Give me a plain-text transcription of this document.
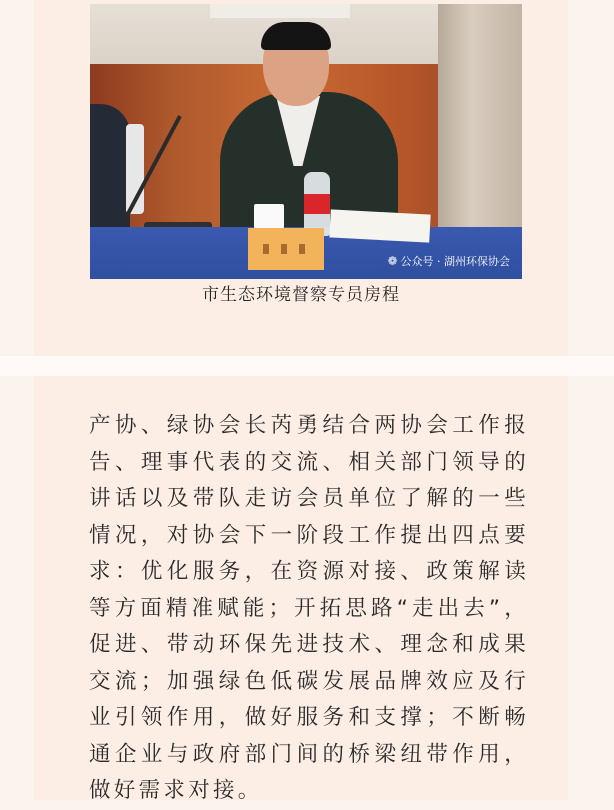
❁ 公众号 · 湖州环保协会
市生态环境督察专员房程

产协、绿协会长芮勇结合两协会工作报告、理事代表的交流、相关部门领导的讲话以及带队走访会员单位了解的一些情况，对协会下一阶段工作提出四点要求：优化服务，在资源对接、政策解读等方面精准赋能；开拓思路“走出去”，促进、带动环保先进技术、理念和成果交流；加强绿色低碳发展品牌效应及行业引领作用，做好服务和支撑；不断畅通企业与政府部门间的桥梁纽带作用，做好需求对接。
